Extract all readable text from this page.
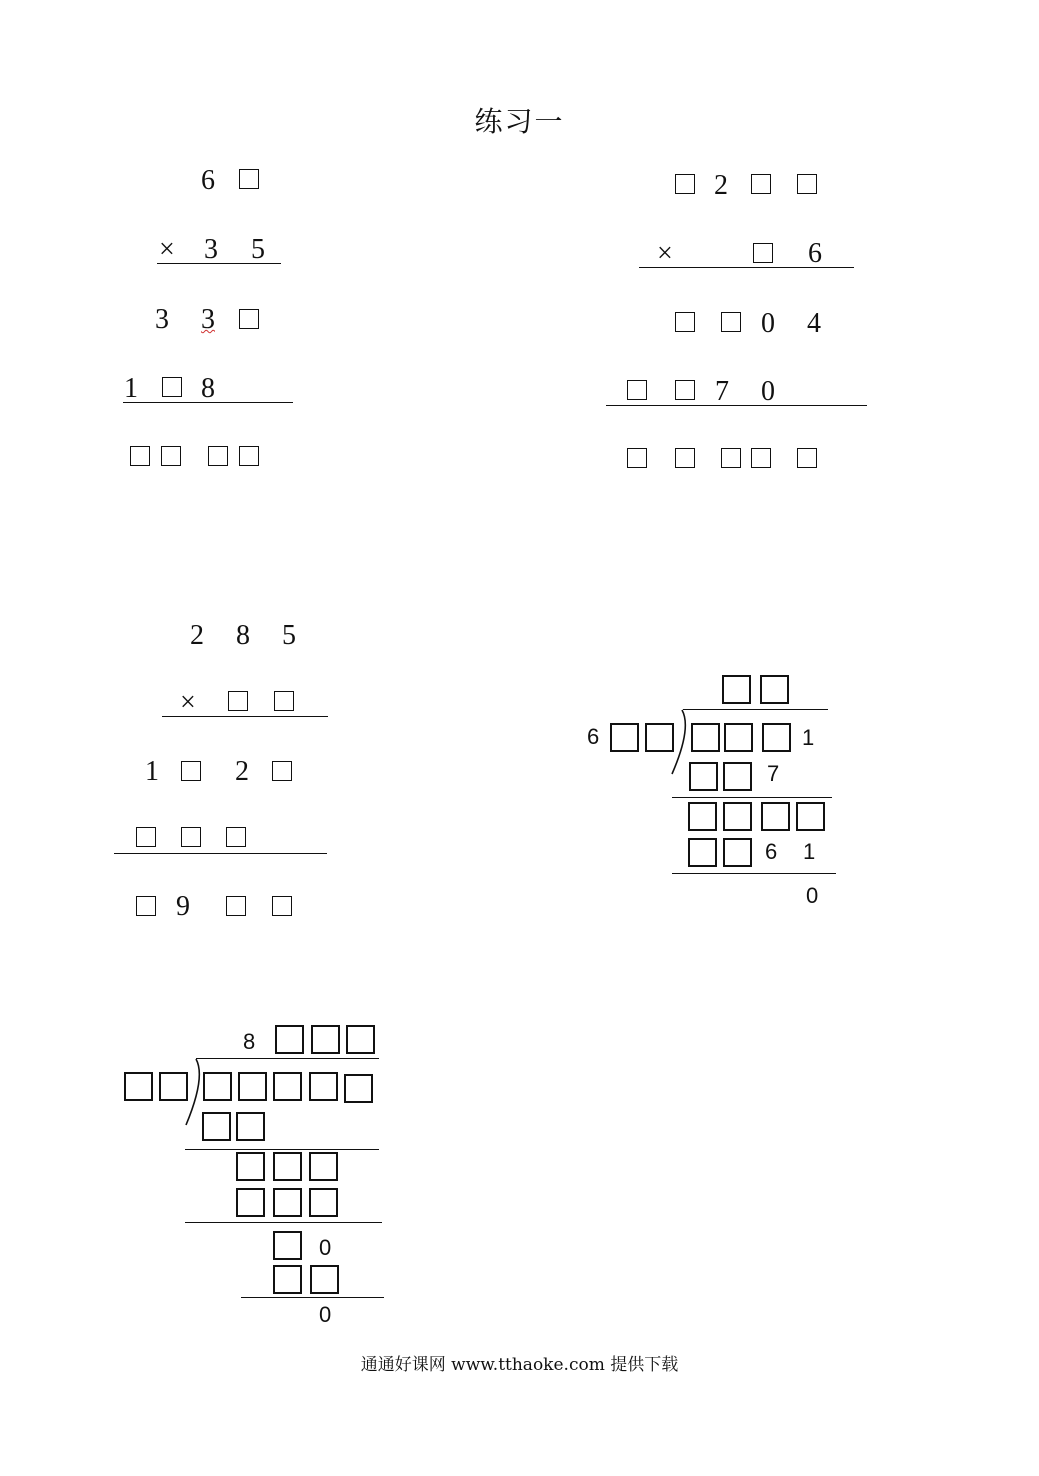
练习一
6
× 3 5
3 3
1 8
2
×	6
0 4
7 0
2 8 5
×
1	2
9
6	1
7
6 1
0
8
0
0
通通好课网 www.tthaoke.com 提供下载
